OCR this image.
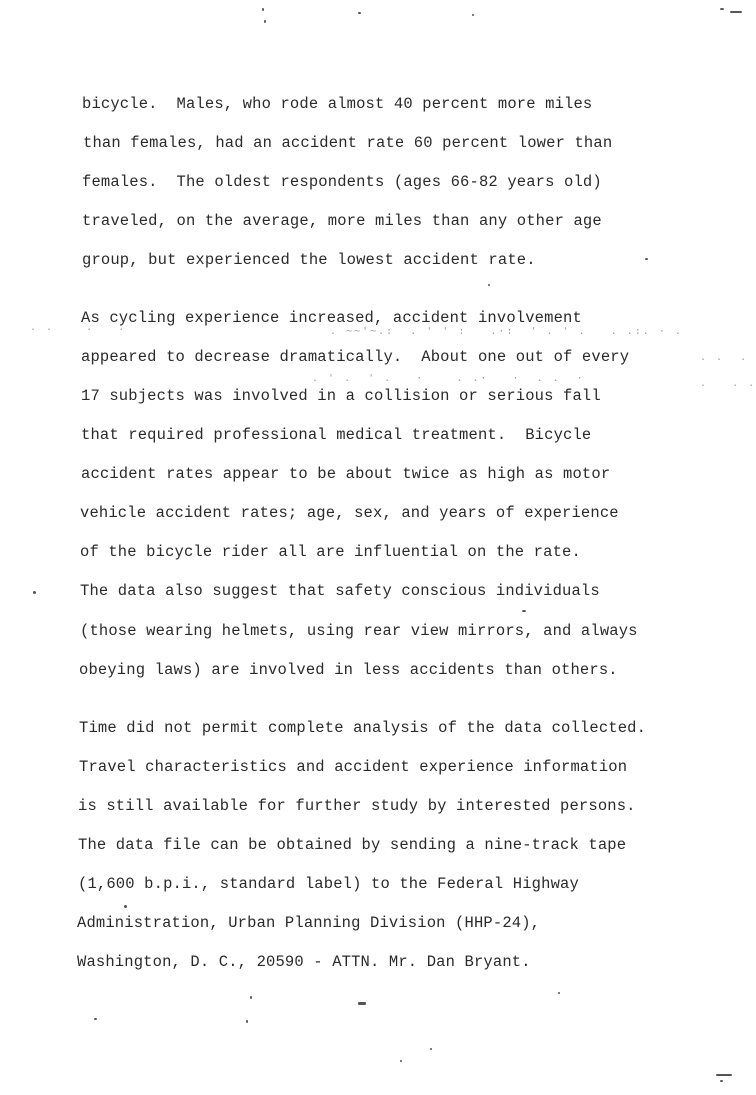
bicycle.  Males, who rode almost 40 percent more miles
than females, had an accident rate 60 percent lower than
females.  The oldest respondents (ages 66-82 years old)
traveled, on the average, more miles than any other age
group, but experienced the lowest accident rate.
As cycling experience increased, accident involvement
appeared to decrease dramatically.  About one out of every
17 subjects was involved in a collision or serious fall
that required professional medical treatment.  Bicycle
accident rates appear to be about twice as high as motor
vehicle accident rates; age, sex, and years of experience
of the bicycle rider all are influential on the rate.
The data also suggest that safety conscious individuals
(those wearing helmets, using rear view mirrors, and always
obeying laws) are involved in less accidents than others.
Time did not permit complete analysis of the data collected.
Travel characteristics and accident experience information
is still available for further study by interested persons.
The data file can be obtained by sending a nine-track tape
(1,600 b.p.i., standard label) to the Federal Highway
Administration, Urban Planning Division (HHP-24),
Washington, D. C., 20590 - ATTN. Mr. Dan Bryant.
. .    .   .	. ~~'~.:  . ' ' :   .·:  ' . ' .   . .:. · .
. .  .
. ' .  ' .   ·    . .·   ·  . .  ·	.   . .
